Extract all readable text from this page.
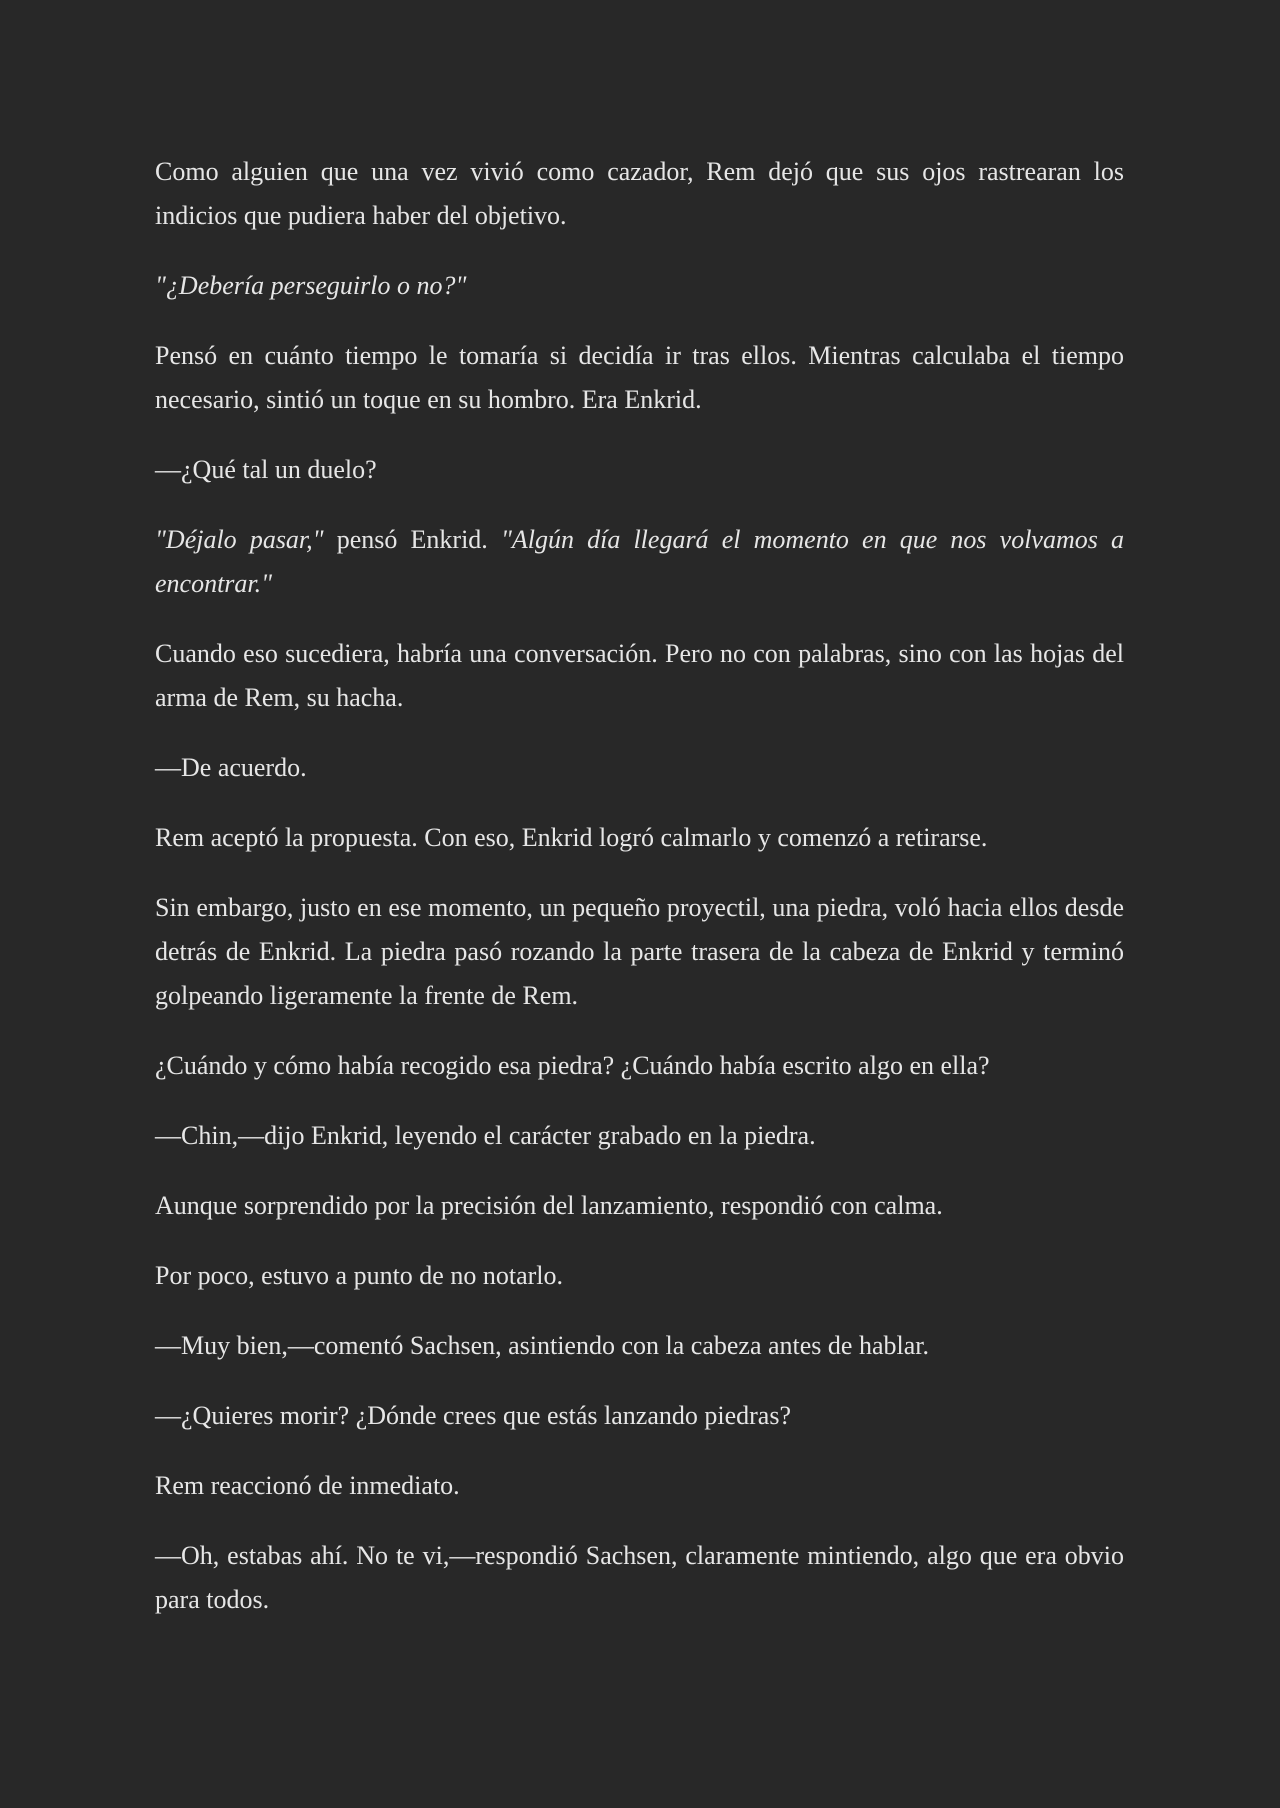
Como alguien que una vez vivió como cazador, Rem dejó que sus ojos rastrearan los indicios que pudiera haber del objetivo.

"¿Debería perseguirlo o no?"

Pensó en cuánto tiempo le tomaría si decidía ir tras ellos. Mientras calculaba el tiempo necesario, sintió un toque en su hombro. Era Enkrid.

—¿Qué tal un duelo?

"Déjalo pasar," pensó Enkrid. "Algún día llegará el momento en que nos volvamos a encontrar."

Cuando eso sucediera, habría una conversación. Pero no con palabras, sino con las hojas del arma de Rem, su hacha.

—De acuerdo.

Rem aceptó la propuesta. Con eso, Enkrid logró calmarlo y comenzó a retirarse.

Sin embargo, justo en ese momento, un pequeño proyectil, una piedra, voló hacia ellos desde detrás de Enkrid. La piedra pasó rozando la parte trasera de la cabeza de Enkrid y terminó golpeando ligeramente la frente de Rem.

¿Cuándo y cómo había recogido esa piedra? ¿Cuándo había escrito algo en ella?

—Chin,—dijo Enkrid, leyendo el carácter grabado en la piedra.

Aunque sorprendido por la precisión del lanzamiento, respondió con calma.

Por poco, estuvo a punto de no notarlo.

—Muy bien,—comentó Sachsen, asintiendo con la cabeza antes de hablar.

—¿Quieres morir? ¿Dónde crees que estás lanzando piedras?

Rem reaccionó de inmediato.

—Oh, estabas ahí. No te vi,—respondió Sachsen, claramente mintiendo, algo que era obvio para todos.
